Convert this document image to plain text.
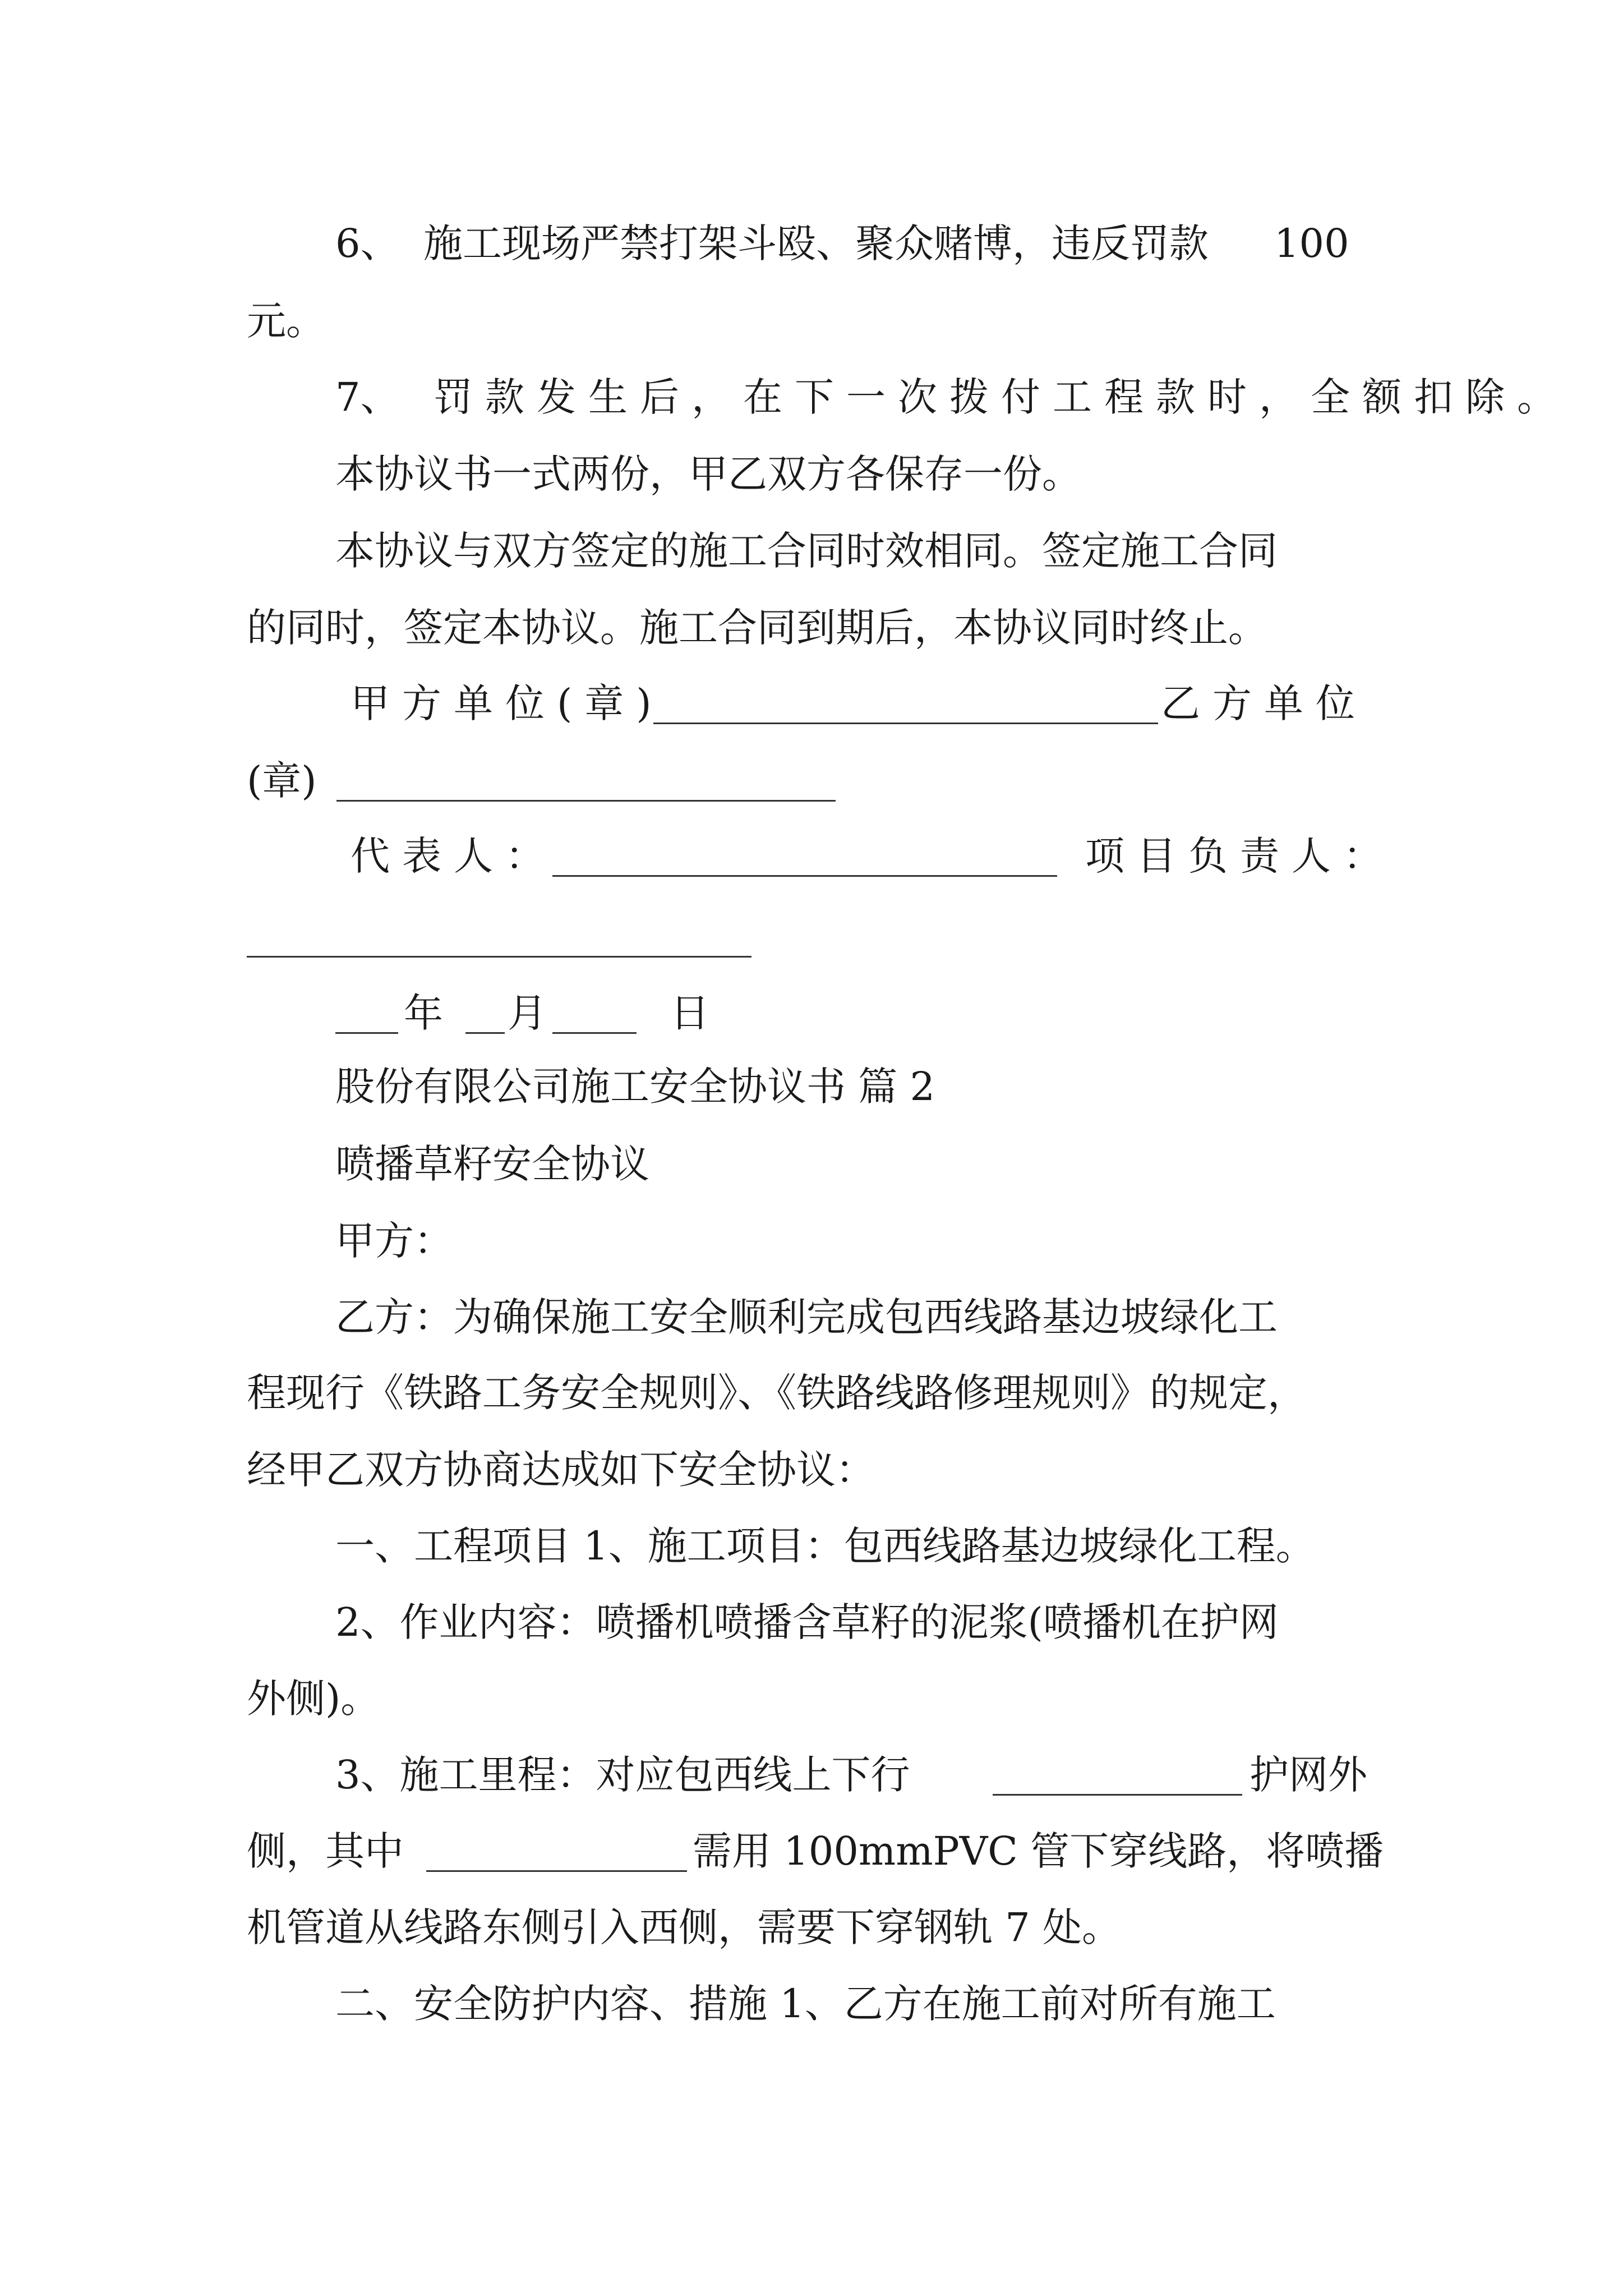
6、 施工现场严禁打架斗殴、聚众赌博，违反罚款 100
元。
7、 罚款发生后，在下一次拨付工程款时，全额扣除。
本协议书一式两份，甲乙双方各保存一份。
本协议与双方签定的施工合同时效相同。签定施工合同
的同时，签定本协议。施工合同到期后，本协议同时终止。
甲方单位(章)	乙方单位
(章)
代表人：	项目负责人：
年 月	日
股份有限公司施工安全协议书 篇 2
喷播草籽安全协议
甲方：
乙方：为确保施工安全顺利完成包西线路基边坡绿化工
程现行《铁路工务安全规则》、《铁路线路修理规则》的规定，
经甲乙双方协商达成如下安全协议：
一、工程项目 1、施工项目：包西线路基边坡绿化工程。
2、作业内容：喷播机喷播含草籽的泥浆(喷播机在护网
外侧)。
3、施工里程：对应包西线上下行	护网外
侧，其中	需用 100mmPVC 管下穿线路，将喷播
机管道从线路东侧引入西侧，需要下穿钢轨 7 处。
二、安全防护内容、措施 1、乙方在施工前对所有施工
